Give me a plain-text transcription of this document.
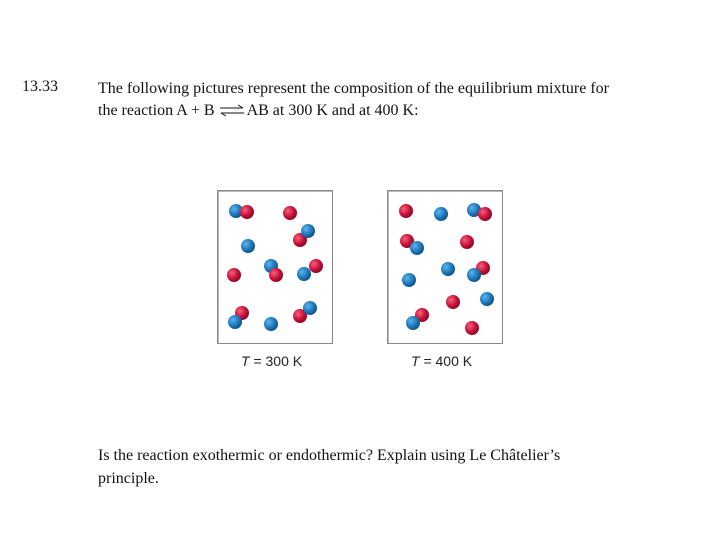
13.33	The following pictures represent the composition of the equilibrium mixture for
the reaction A + B ⇌AB at 300 K and at 400 K:
T = 300 K	T = 400 K
Is the reaction exothermic or endothermic? Explain using Le Châtelier’s
principle.
